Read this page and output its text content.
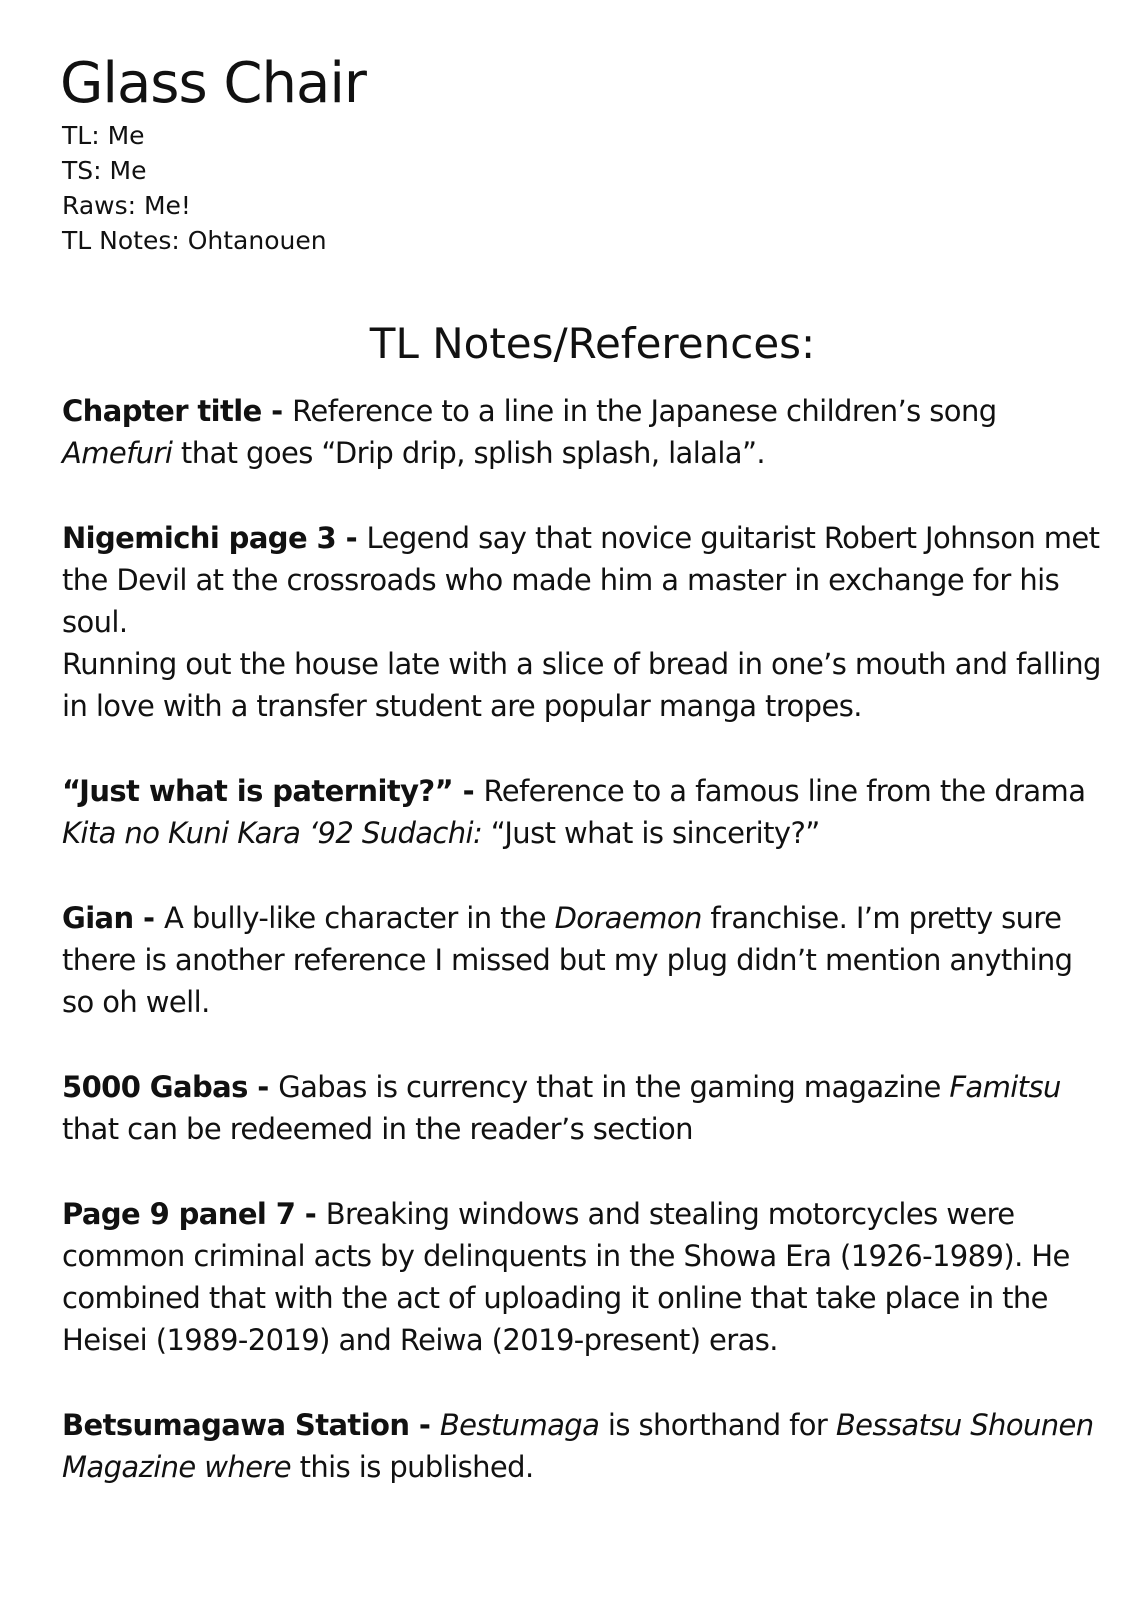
Glass Chair
TL: Me
TS: Me
Raws: Me!
TL Notes: Ohtanouen
TL Notes/References:

Chapter title - Reference to a line in the Japanese children’s song Amefuri that goes “Drip drip, splish splash, lalala”.

Nigemichi page 3 - Legend say that novice guitarist Robert Johnson met the Devil at the crossroads who made him a master in exchange for his soul.

Running out the house late with a slice of bread in one’s mouth and falling in love with a transfer student are popular manga tropes.

“Just what is paternity?” - Reference to a famous line from the drama Kita no Kuni Kara ‘92 Sudachi: “Just what is sincerity?”

Gian - A bully-like character in the Doraemon franchise. I’m pretty sure there is another reference I missed but my plug didn’t mention anything so oh well.

5000 Gabas - Gabas is currency that in the gaming magazine Famitsu that can be redeemed in the reader’s section

Page 9 panel 7 - Breaking windows and stealing motorcycles were common criminal acts by delinquents in the Showa Era (1926-1989). He combined that with the act of uploading it online that take place in the Heisei (1989-2019) and Reiwa (2019-present) eras.

Betsumagawa Station - Bestumaga is shorthand for Bessatsu Shounen Magazine where this is published.
